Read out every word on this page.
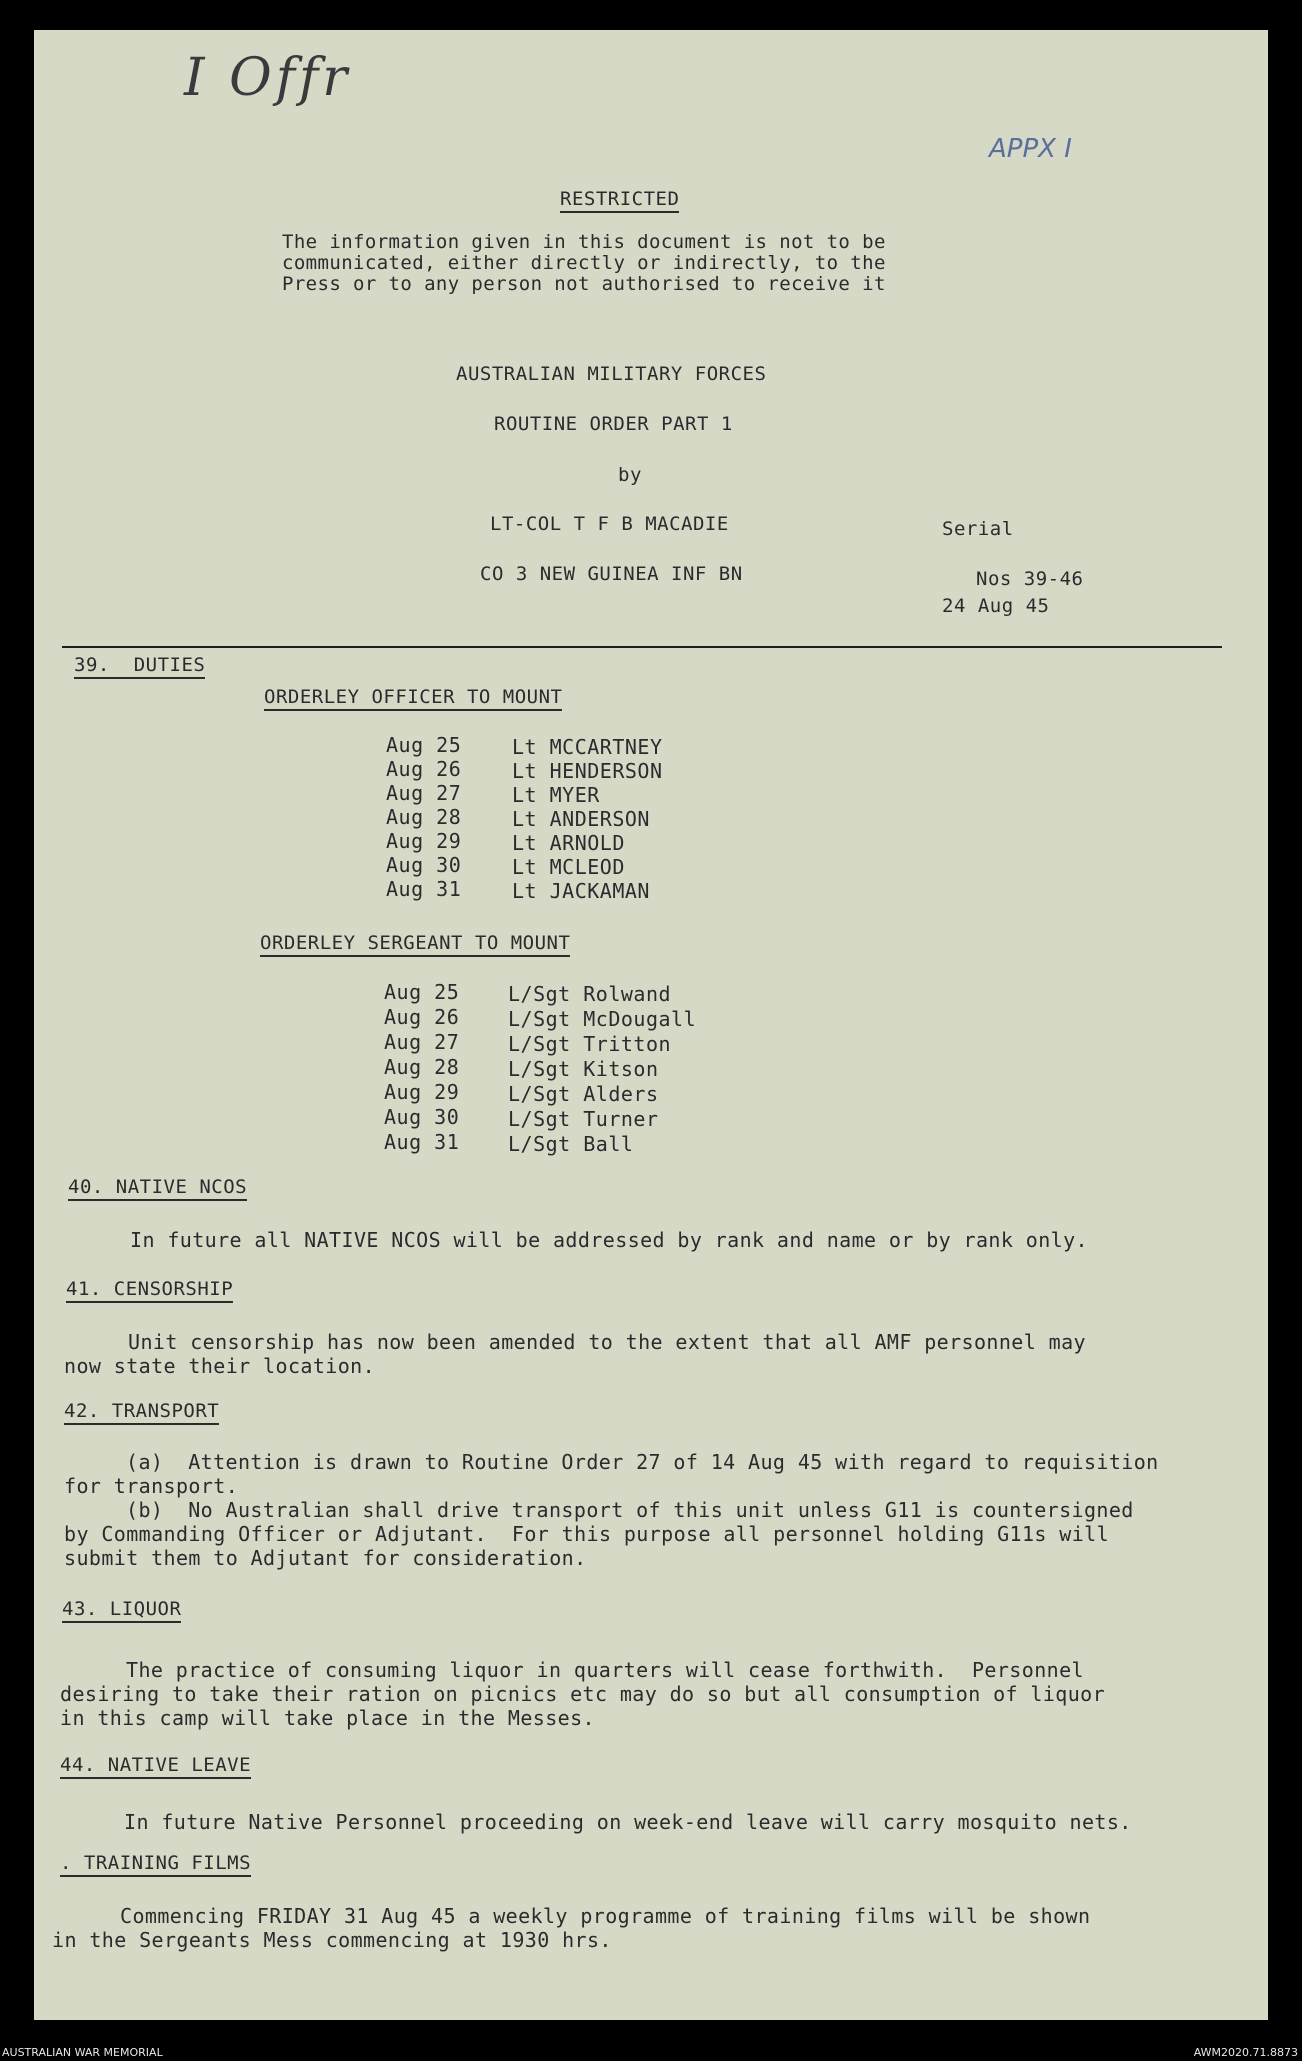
I Offr
APPX I
RESTRICTED
The information given in this document is not to be
communicated, either directly or indirectly, to the
Press or to any person not authorised to receive it
AUSTRALIAN MILITARY FORCES
ROUTINE ORDER PART 1
by
LT-COL T F B MACADIE
CO 3 NEW GUINEA INF BN
Serial
Nos 39-46
24 Aug 45
39.  DUTIES
ORDERLEY OFFICER TO MOUNT
Aug 25	Lt MCCARTNEY
Aug 26	Lt HENDERSON
Aug 27	Lt MYER
Aug 28	Lt ANDERSON
Aug 29	Lt ARNOLD
Aug 30	Lt MCLEOD
Aug 31	Lt JACKAMAN
ORDERLEY SERGEANT TO MOUNT
Aug 25 L/Sgt Rolwand
Aug 26 L/Sgt McDougall
Aug 27 L/Sgt Tritton
Aug 28 L/Sgt Kitson
Aug 29 L/Sgt Alders
Aug 30 L/Sgt Turner
Aug 31 L/Sgt Ball
40. NATIVE NCOS
In future all NATIVE NCOS will be addressed by rank and name or by rank only.
41. CENSORSHIP
Unit censorship has now been amended to the extent that all AMF personnel may
now state their location.
42. TRANSPORT
(a)  Attention is drawn to Routine Order 27 of 14 Aug 45 with regard to requisition
for transport.
(b)  No Australian shall drive transport of this unit unless G11 is countersigned
by Commanding Officer or Adjutant.  For this purpose all personnel holding G11s will
submit them to Adjutant for consideration.
43. LIQUOR
The practice of consuming liquor in quarters will cease forthwith.  Personnel
desiring to take their ration on picnics etc may do so but all consumption of liquor
in this camp will take place in the Messes.
44. NATIVE LEAVE
In future Native Personnel proceeding on week-end leave will carry mosquito nets.
. TRAINING FILMS
Commencing FRIDAY 31 Aug 45 a weekly programme of training films will be shown
in the Sergeants Mess commencing at 1930 hrs.
AUSTRALIAN WAR MEMORIAL	AWM2020.71.8873
